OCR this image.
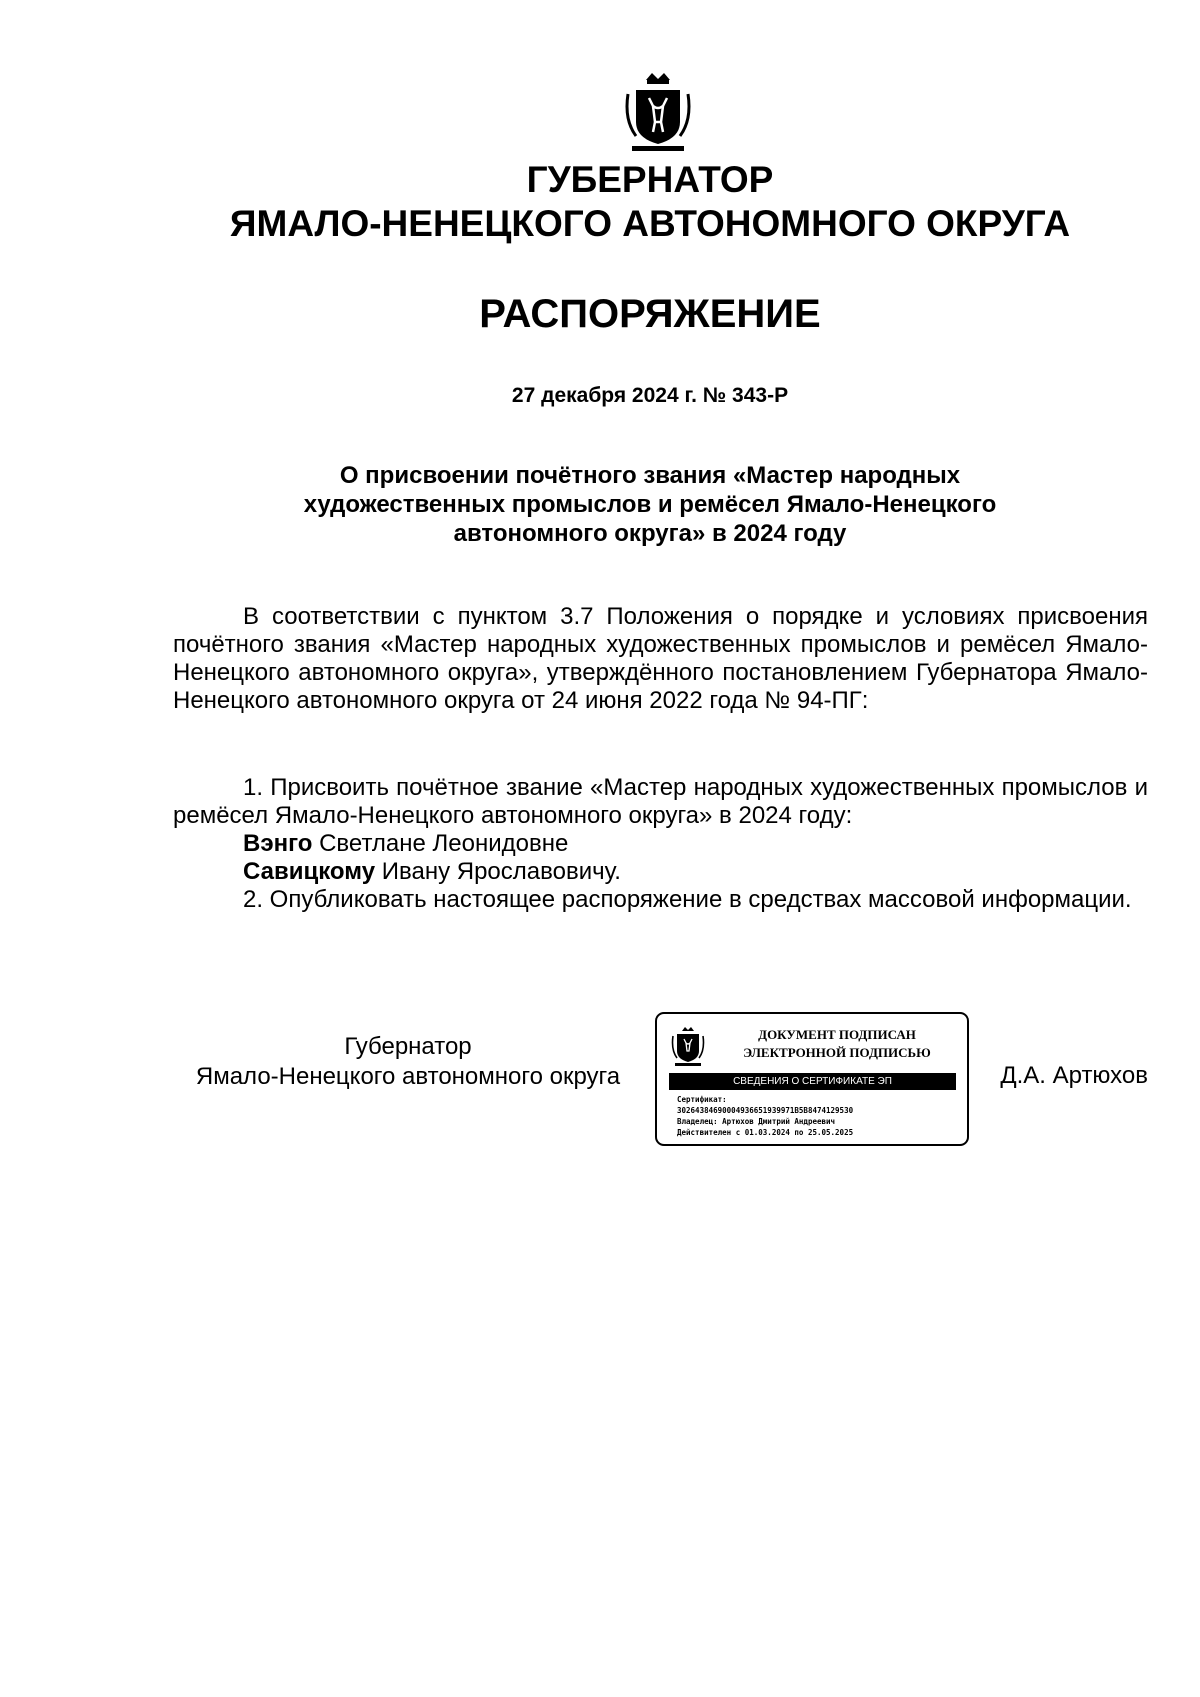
ГУБЕРНАТОР
ЯМАЛО-НЕНЕЦКОГО АВТОНОМНОГО ОКРУГА
РАСПОРЯЖЕНИЕ
27 декабря 2024 г. № 343-Р
О присвоении почётного звания «Мастер народных
художественных промыслов и ремёсел Ямало-Ненецкого
автономного округа» в 2024 году

В соответствии с пунктом 3.7 Положения о порядке и условиях присвоения почётного звания «Мастер народных художественных промыслов и ремёсел Ямало-Ненецкого автономного округа», утверждённого постановлением Губернатора Ямало-Ненецкого автономного округа от 24 июня 2022 года № 94-ПГ:

1. Присвоить почётное звание «Мастер народных художественных промыслов и ремёсел Ямало-Ненецкого автономного округа» в 2024 году:

Вэнго Светлане Леонидовне
Савицкому Ивану Ярославовичу.

2. Опубликовать настоящее распоряжение в средствах массовой информации.

Губернатор
Ямало-Ненецкого автономного округа
ДОКУМЕНТ ПОДПИСАН
ЭЛЕКТРОННОЙ ПОДПИСЬЮ
СВЕДЕНИЯ О СЕРТИФИКАТЕ ЭП
Сертификат:
30264384690004936651939971B5B8474129530
Владелец: Артюхов Дмитрий Андреевич
Действителен с 01.03.2024 по 25.05.2025
Д.А. Артюхов
